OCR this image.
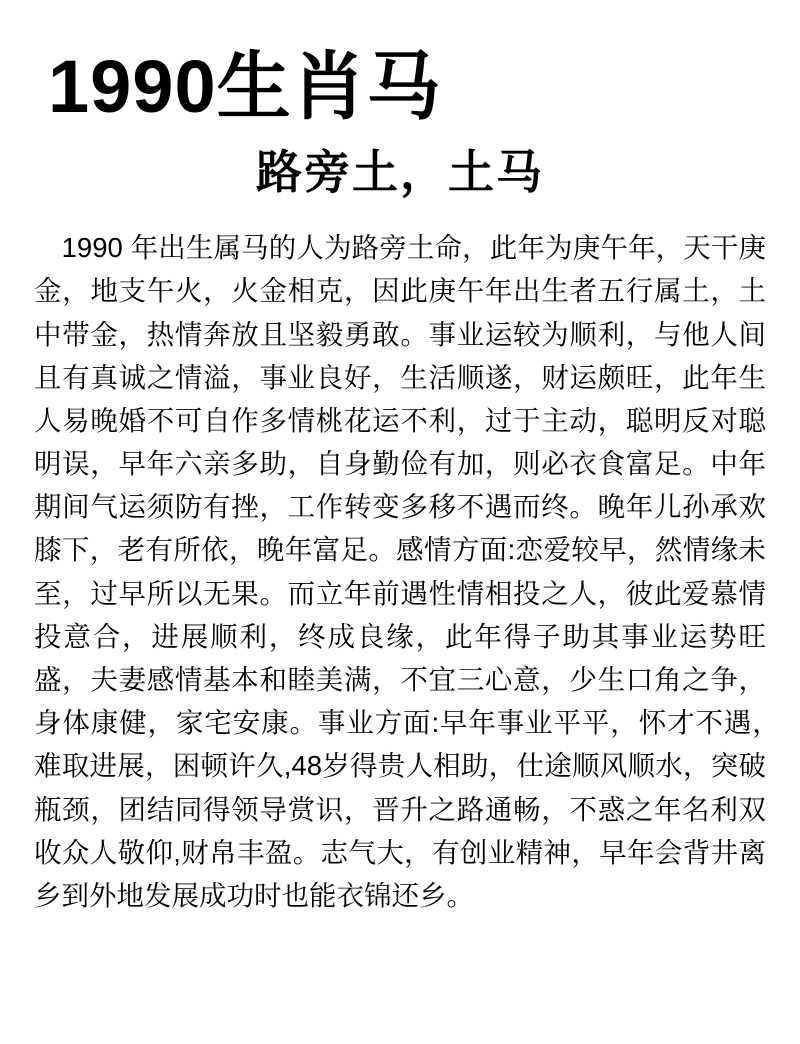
1990生肖马
路旁土，土马

　1990 年出生属马的人为路旁土命，此年为庚午年，天干庚金，地支午火，火金相克，因此庚午年出生者五行属土，土中带金，热情奔放且坚毅勇敢。事业运较为顺利，与他人间且有真诚之情溢，事业良好，生活顺遂，财运颇旺，此年生人易晚婚不可自作多情桃花运不利，过于主动，聪明反对聪明误，早年六亲多助，自身勤俭有加，则必衣食富足。中年期间气运须防有挫，工作转变多移不遇而终。晚年儿孙承欢膝下，老有所依，晚年富足。感情方面:恋爱较早，然情缘未至，过早所以无果。而立年前遇性情相投之人，彼此爱慕情投意合，进展顺利，终成良缘，此年得子助其事业运势旺盛，夫妻感情基本和睦美满，不宜三心意，少生口角之争，身体康健，家宅安康。事业方面:早年事业平平，怀才不遇，　难取进展，困顿许久,48岁得贵人相助，仕途顺风顺水，突破瓶颈，团结同得领导赏识，晋升之路通畅，不惑之年名利双收众人敬仰,财帛丰盈。志气大，有创业精神，早年会背井离乡到外地发展成功时也能衣锦还乡。
